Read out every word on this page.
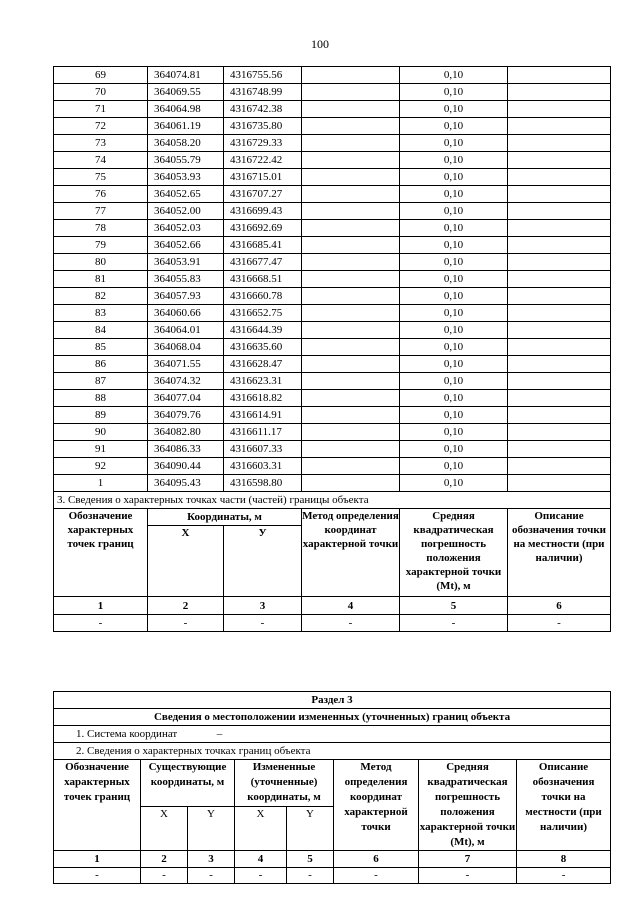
100
69	364074.81	4316755.56		0,10	
70	364069.55	4316748.99		0,10	
71	364064.98	4316742.38		0,10	
72	364061.19	4316735.80		0,10	
73	364058.20	4316729.33		0,10	
74	364055.79	4316722.42		0,10	
75	364053.93	4316715.01		0,10	
76	364052.65	4316707.27		0,10	
77	364052.00	4316699.43		0,10	
78	364052.03	4316692.69		0,10	
79	364052.66	4316685.41		0,10	
80	364053.91	4316677.47		0,10	
81	364055.83	4316668.51		0,10	
82	364057.93	4316660.78		0,10	
83	364060.66	4316652.75		0,10	
84	364064.01	4316644.39		0,10	
85	364068.04	4316635.60		0,10	
86	364071.55	4316628.47		0,10	
87	364074.32	4316623.31		0,10	
88	364077.04	4316618.82		0,10	
89	364079.76	4316614.91		0,10	
90	364082.80	4316611.17		0,10	
91	364086.33	4316607.33		0,10	
92	364090.44	4316603.31		0,10	
1	364095.43	4316598.80		0,10	
3. Сведения о характерных точках части (частей) границы объекта					
Обозначение характерных точек границ	Координаты, м		Метод определения координат характерной точки	Средняя квадратическая погрешность положения характерной точки (Mt), м	Описание обозначения точки на местности (при наличии)
	Х	У			
1	2	3	4	5	6
-	-	-	-	-	-
Раздел 3							
Сведения о местоположении измененных (уточненных) границ объекта							
1. Система координат –							
2. Сведения о характерных точках границ объекта							
Обозначение характерных точек границ	Существующие координаты, м		Измененные (уточненные) координаты, м		Метод определения координат характерной точки	Средняя квадратическая погрешность положения характерной точки (Mt), м	Описание обозначения точки на местности (при наличии)
	X	Y	X	Y			
1	2	3	4	5	6	7	8
-	-	-	-	-	-	-	-
